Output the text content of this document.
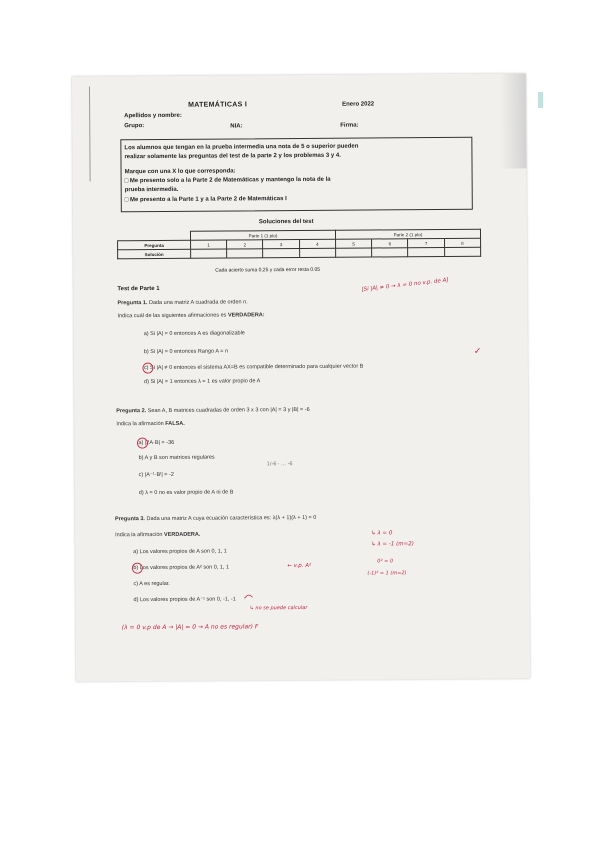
MATEMÁTICAS I	Enero 2022
Apellidos y nombre:
Grupo:	NIA:	Firma:
Los alumnos que tengan en la prueba intermedia una nota de 5 o superior pueden
realizar solamente las preguntas del test de la parte 2 y los problemas 3 y 4.
Marque con una X lo que corresponda:
□ Me presento solo a la Parte 2 de Matemáticas y mantengo la nota de la
prueba intermedia.
□ Me presento a la Parte 1 y a la Parte 2 de Matemáticas I
Soluciones del test
	Parte 1 (1 pto)				Parte 2 (1 pto)			
Pregunta	1	2	3	4	5	6	7	8
Solución								
Cada acierto suma 0,25 y cada error resta 0.05
Test de Parte 1
Pregunta 1. Dada una matriz A cuadrada de orden n.
Indica cuál de las siguientes afirmaciones es VERDADERA:
a) Si |A| = 0 entonces A es diagonalizable
b) Si |A| = 0 entonces Rango A = n
c) Si |A| ≠ 0 entonces el sistema AX=B es compatible determinado para cualquier vector B
d) Si |A| = 1 entonces λ = 1 es valor propio de A
Pregunta 2. Sean A, B matrices cuadradas de orden 3 x 3 con |A| = 3 y |B| = -6
Indica la afirmación FALSA.
a) |2A·B| = -36
b) A y B son matrices regulares
c) |A⁻¹·Bᵗ| = -2
d) λ = 0 no es valor propio de A ni de B
Pregunta 3. Dada una matriz A cuya ecuación característica es: λ(λ + 1)(λ + 1) = 0
Indica la afirmación VERDADERA.
a) Los valores propios de A son 0, 1, 1
b) Los valores propios de A² son 0, 1, 1
c) A es regular.
d) Los valores propios de A⁻¹ son 0, -1, -1
[Si |A| ≠ 0 → λ = 0 no v.p. de A]
✓
1/-6 · ... -6
↳ λ = 0
↳ λ = -1 (m=2)
← v.p. A²
0² = 0
(-1)² = 1 (m=2)
↳ no se puede calcular
(λ = 0 v.p de A → |A| = 0 → A no es regular) F
